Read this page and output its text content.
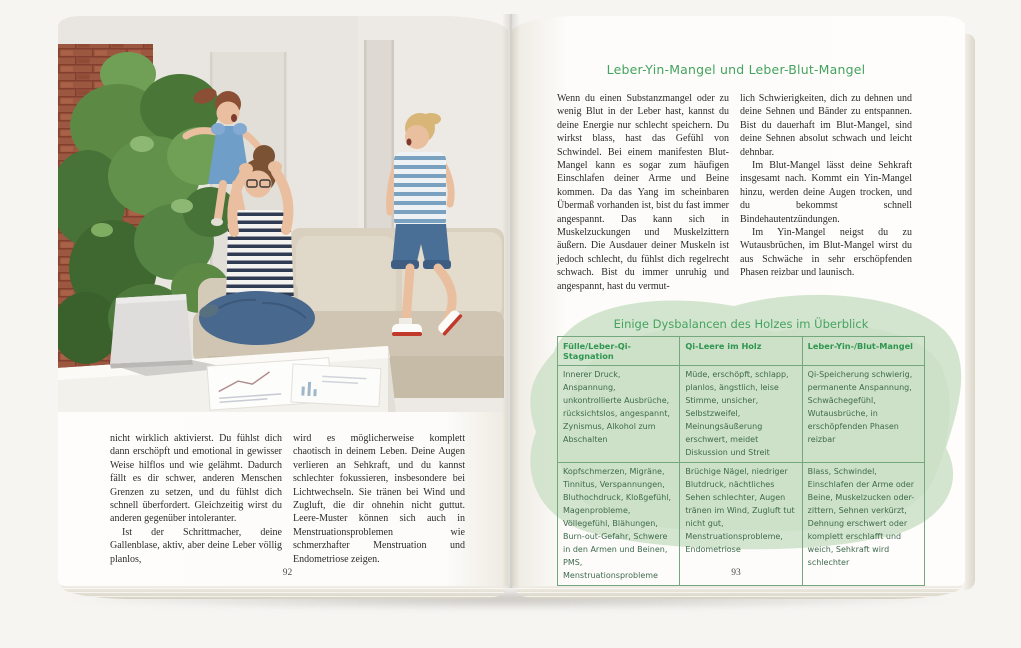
nicht wirklich aktivierst. Du fühlst dich dann erschöpft und emotional in gewisser Weise hilflos und wie gelähmt. Dadurch fällt es dir schwer, anderen Menschen Grenzen zu setzen, und du fühlst dich schnell überfordert. Gleichzeitig wirst du anderen gegenüber intoleranter.

Ist der Schrittmacher, deine Gallenblase, aktiv, aber deine Leber völlig planlos,

wird es möglicherweise komplett chaotisch in deinem Leben. Deine Augen verlieren an Sehkraft, und du kannst schlechter fokussieren, insbesondere bei Lichtwechseln. Sie tränen bei Wind und Zugluft, die dir ohnehin nicht guttut. Leere-Muster können sich auch in Menstruationsproblemen wie schmerzhafter Menstruation und Endometriose zeigen.

92
Leber-Yin-Mangel und Leber-Blut-Mangel

Wenn du einen Substanzmangel oder zu wenig Blut in der Leber hast, kannst du deine Energie nur schlecht speichern. Du wirkst blass, hast das Gefühl von Schwindel. Bei einem manifesten Blut-Mangel kann es sogar zum häufigen Einschlafen deiner Arme und Beine kommen. Da das Yang im scheinbaren Übermaß vorhanden ist, bist du fast immer angespannt. Das kann sich in Muskelzuckungen und Muskelzittern äußern. Die Ausdauer deiner Muskeln ist jedoch schlecht, du fühlst dich regelrecht schwach. Bist du immer unruhig und angespannt, hast du vermut-

lich Schwierigkeiten, dich zu dehnen und deine Sehnen und Bänder zu entspannen. Bist du dauerhaft im Blut-Mangel, sind deine Sehnen absolut schwach und leicht dehnbar.

Im Blut-Mangel lässt deine Sehkraft insgesamt nach. Kommt ein Yin-Mangel hinzu, werden deine Augen trocken, und du bekommst schnell Bindehautentzündungen.

Im Yin-Mangel neigst du zu Wutausbrüchen, im Blut-Mangel wirst du aus Schwäche in sehr erschöpfenden Phasen reizbar und launisch.

Einige Dysbalancen des Holzes im Überblick
Fülle/Leber-Qi-Stagnation	Qi-Leere im Holz	Leber-Yin-/Blut-Mangel
Innerer Druck, Anspannung, unkontrollierte Ausbrüche, rücksichtslos, angespannt, Zynismus, Alkohol zum Abschalten	Müde, erschöpft, schlapp, planlos, ängstlich, leise Stimme, unsicher, Selbstzweifel, Meinungsäußerung erschwert, meidet Diskussion und Streit	Qi-Speicherung schwierig, permanente Anspannung, Schwächegefühl, Wutausbrüche, in erschöpfenden Phasen reizbar
Kopfschmerzen, Migräne, Tinnitus, Verspannungen, Bluthochdruck, Kloßgefühl, Magenprobleme, Völlegefühl, Blähungen, Burn-out-Gefahr, Schwere in den Armen und Beinen, PMS, Menstruationsprobleme	Brüchige Nägel, niedriger Blutdruck, nächtliches Sehen schlechter, Augen tränen im Wind, Zugluft tut nicht gut, Menstruationsprobleme, Endometriose	Blass, Schwindel, Einschlafen der Arme oder Beine, Muskelzucken oder- zittern, Sehnen verkürzt, Dehnung erschwert oder komplett erschlafft und weich, Sehkraft wird schlechter
93
